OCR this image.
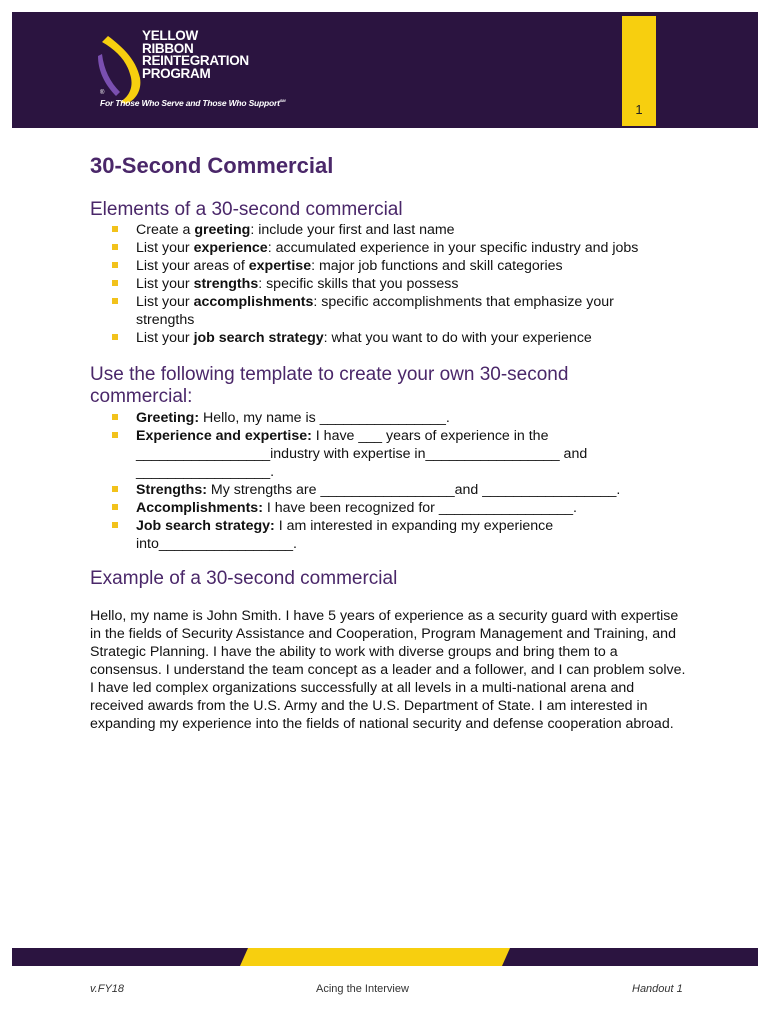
YELLOW
RIBBON
REINTEGRATION
PROGRAM
®
For Those Who Serve and Those Who Support℠
1
30-Second Commercial
Elements of a 30-second commercial
Create a greeting: include your first and last name
List your experience: accumulated experience in your specific industry and jobs
List your areas of expertise: major job functions and skill categories
List your strengths: specific skills that you possess
List your accomplishments: specific accomplishments that emphasize your strengths
List your job search strategy: what you want to do with your experience
Use the following template to create your own 30-second commercial:
Greeting: Hello, my name is ________________.
Experience and expertise: I have ___ years of experience in the _________________industry with expertise in_________________ and _________________.
Strengths: My strengths are _________________and _________________.
Accomplishments: I have been recognized for _________________.
Job search strategy: I am interested in expanding my experience into_________________.
Example of a 30-second commercial
Hello, my name is John Smith. I have 5 years of experience as a security guard with expertise in the fields of Security Assistance and Cooperation, Program Management and Training, and Strategic Planning. I have the ability to work with diverse groups and bring them to a consensus. I understand the team concept as a leader and a follower, and I can problem solve. I have led complex organizations successfully at all levels in a multi-national arena and received awards from the U.S. Army and the U.S. Department of State. I am interested in expanding my experience into the fields of national security and defense cooperation abroad.
v.FY18	Acing the Interview	Handout 1
